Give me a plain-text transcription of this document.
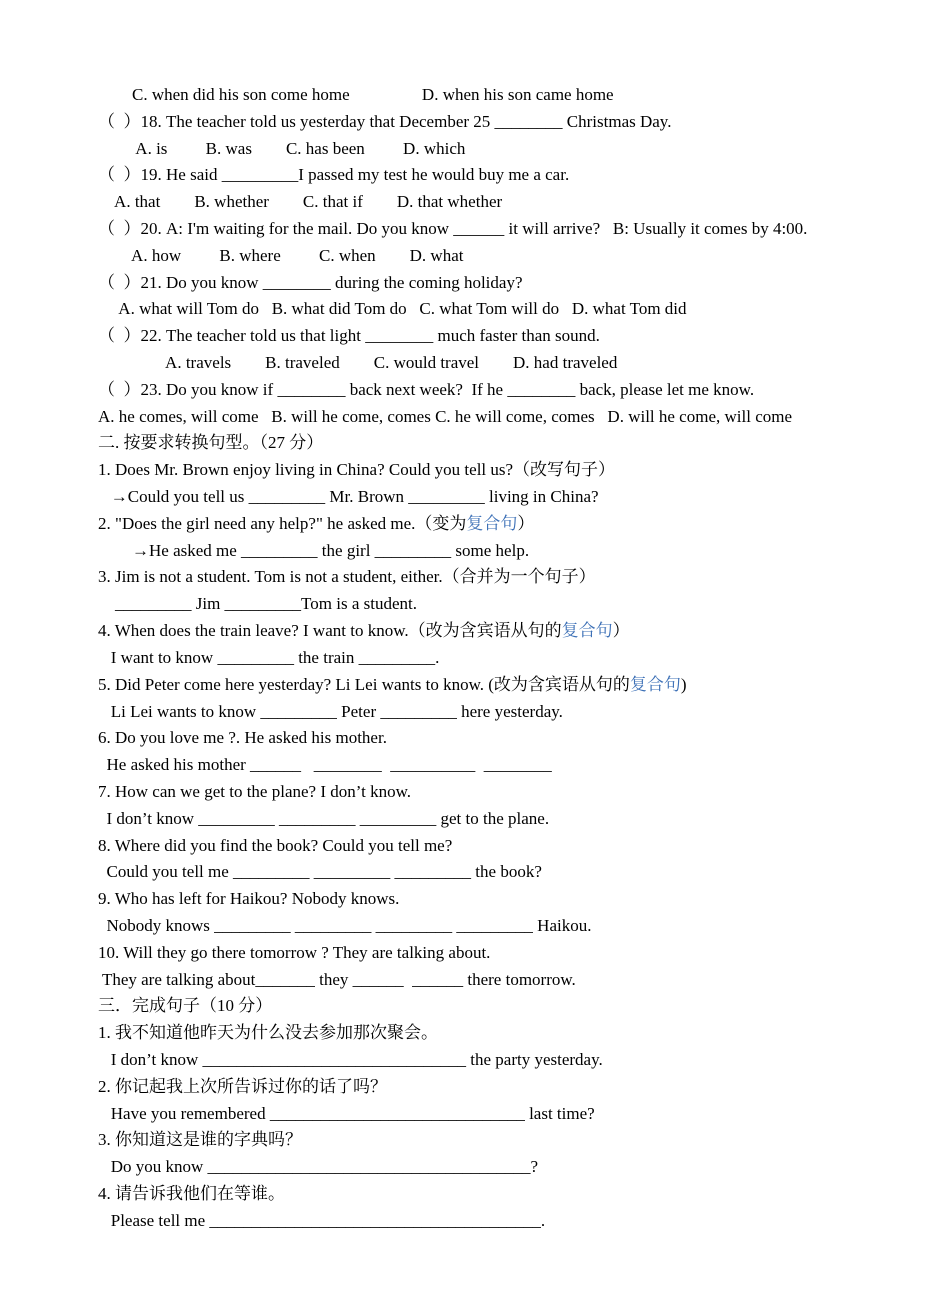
C. when did his son come home                 D. when his son came home
（  ）18. The teacher told us yesterday that December 25 ________ Christmas Day.
A. is         B. was        C. has been         D. which
（  ）19. He said _________I passed my test he would buy me a car.
A. that        B. whether        C. that if        D. that whether
（  ）20. A: I'm waiting for the mail. Do you know ______ it will arrive?   B: Usually it comes by 4:00.
A. how         B. where         C. when        D. what
（  ）21. Do you know ________ during the coming holiday?
A. what will Tom do   B. what did Tom do   C. what Tom will do   D. what Tom did
（  ）22. The teacher told us that light ________ much faster than sound.
A. travels        B. traveled        C. would travel        D. had traveled
（  ）23. Do you know if ________ back next week?  If he ________ back, please let me know.
A. he comes, will come   B. will he come, comes C. he will come, comes   D. will he come, will come
二. 按要求转换句型。（27 分）
1. Does Mr. Brown enjoy living in China? Could you tell us?（改写句子）
→Could you tell us _________ Mr. Brown _________ living in China?
2. "Does the girl need any help?" he asked me.（变为复合句）
→He asked me _________ the girl _________ some help.
3. Jim is not a student. Tom is not a student, either.（合并为一个句子）
_________ Jim _________Tom is a student.
4. When does the train leave? I want to know.（改为含宾语从句的复合句）
I want to know _________ the train _________.
5. Did Peter come here yesterday? Li Lei wants to know. (改为含宾语从句的复合句)
Li Lei wants to know _________ Peter _________ here yesterday.
6. Do you love me ?. He asked his mother.
He asked his mother ______   ________  __________  ________
7. How can we get to the plane? I don’t know.
I don’t know _________ _________ _________ get to the plane.
8. Where did you find the book? Could you tell me?
Could you tell me _________ _________ _________ the book?
9. Who has left for Haikou? Nobody knows.
Nobody knows _________ _________ _________ _________ Haikou.
10. Will they go there tomorrow ? They are talking about.
They are talking about_______ they ______  ______ there tomorrow.
三．完成句子（10 分）
1. 我不知道他昨天为什么没去参加那次聚会。
I don’t know _______________________________ the party yesterday.
2. 你记起我上次所告诉过你的话了吗？
Have you remembered ______________________________ last time?
3. 你知道这是谁的字典吗？
Do you know ______________________________________?
4. 请告诉我他们在等谁。
Please tell me _______________________________________.
